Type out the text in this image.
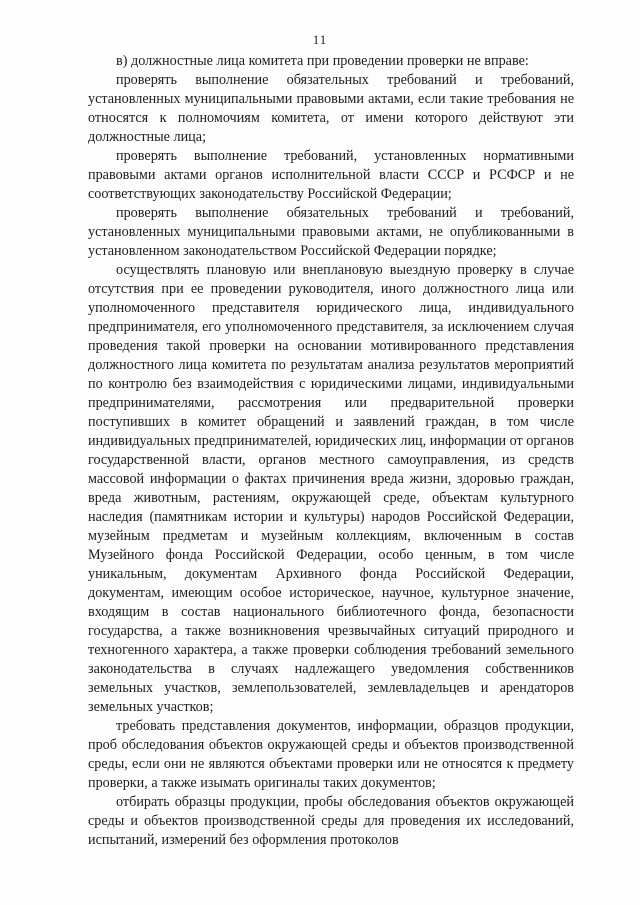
11

в) должностные лица комитета при проведении проверки не вправе:

проверять выполнение обязательных требований и требований, установленных муниципальными правовыми актами, если такие требования не относятся к полномочиям комитета, от имени которого действуют эти должностные лица;

проверять выполнение требований, установленных нормативными правовыми актами органов исполнительной власти СССР и РСФСР и не соответствующих законодательству Российской Федерации;

проверять выполнение обязательных требований и требований, установленных муниципальными правовыми актами, не опубликованными в установленном законодательством Российской Федерации порядке;

осуществлять плановую или внеплановую выездную проверку в случае отсутствия при ее проведении руководителя, иного должностного лица или уполномоченного представителя юридического лица, индивидуального предпринимателя, его уполномоченного представителя, за исключением случая проведения такой проверки на основании мотивированного представления должностного лица комитета по результатам анализа результатов мероприятий по контролю без взаимодействия с юридическими лицами, индивидуальными предпринимателями, рассмотрения или предварительной проверки поступивших в комитет обращений и заявлений граждан, в том числе индивидуальных предпринимателей, юридических лиц, информации от органов государственной власти, органов местного самоуправления, из средств массовой информации о фактах причинения вреда жизни, здоровью граждан, вреда животным, растениям, окружающей среде, объектам культурного наследия (памятникам истории и культуры) народов Российской Федерации, музейным предметам и музейным коллекциям, включенным в состав Музейного фонда Российской Федерации, особо ценным, в том числе уникальным, документам Архивного фонда Российской Федерации, документам, имеющим особое историческое, научное, культурное значение, входящим в состав национального библиотечного фонда, безопасности государства, а также возникновения чрезвычайных ситуаций природного и техногенного характера, а также проверки соблюдения требований земельного законодательства в случаях надлежащего уведомления собственников земельных участков, землепользователей, землевладельцев и арендаторов земельных участков;

требовать представления документов, информации, образцов продукции, проб обследования объектов окружающей среды и объектов производственной среды, если они не являются объектами проверки или не относятся к предмету проверки, а также изымать оригиналы таких документов;

отбирать образцы продукции, пробы обследования объектов окружающей среды и объектов производственной среды для проведения их исследований, испытаний, измерений без оформления протоколов
